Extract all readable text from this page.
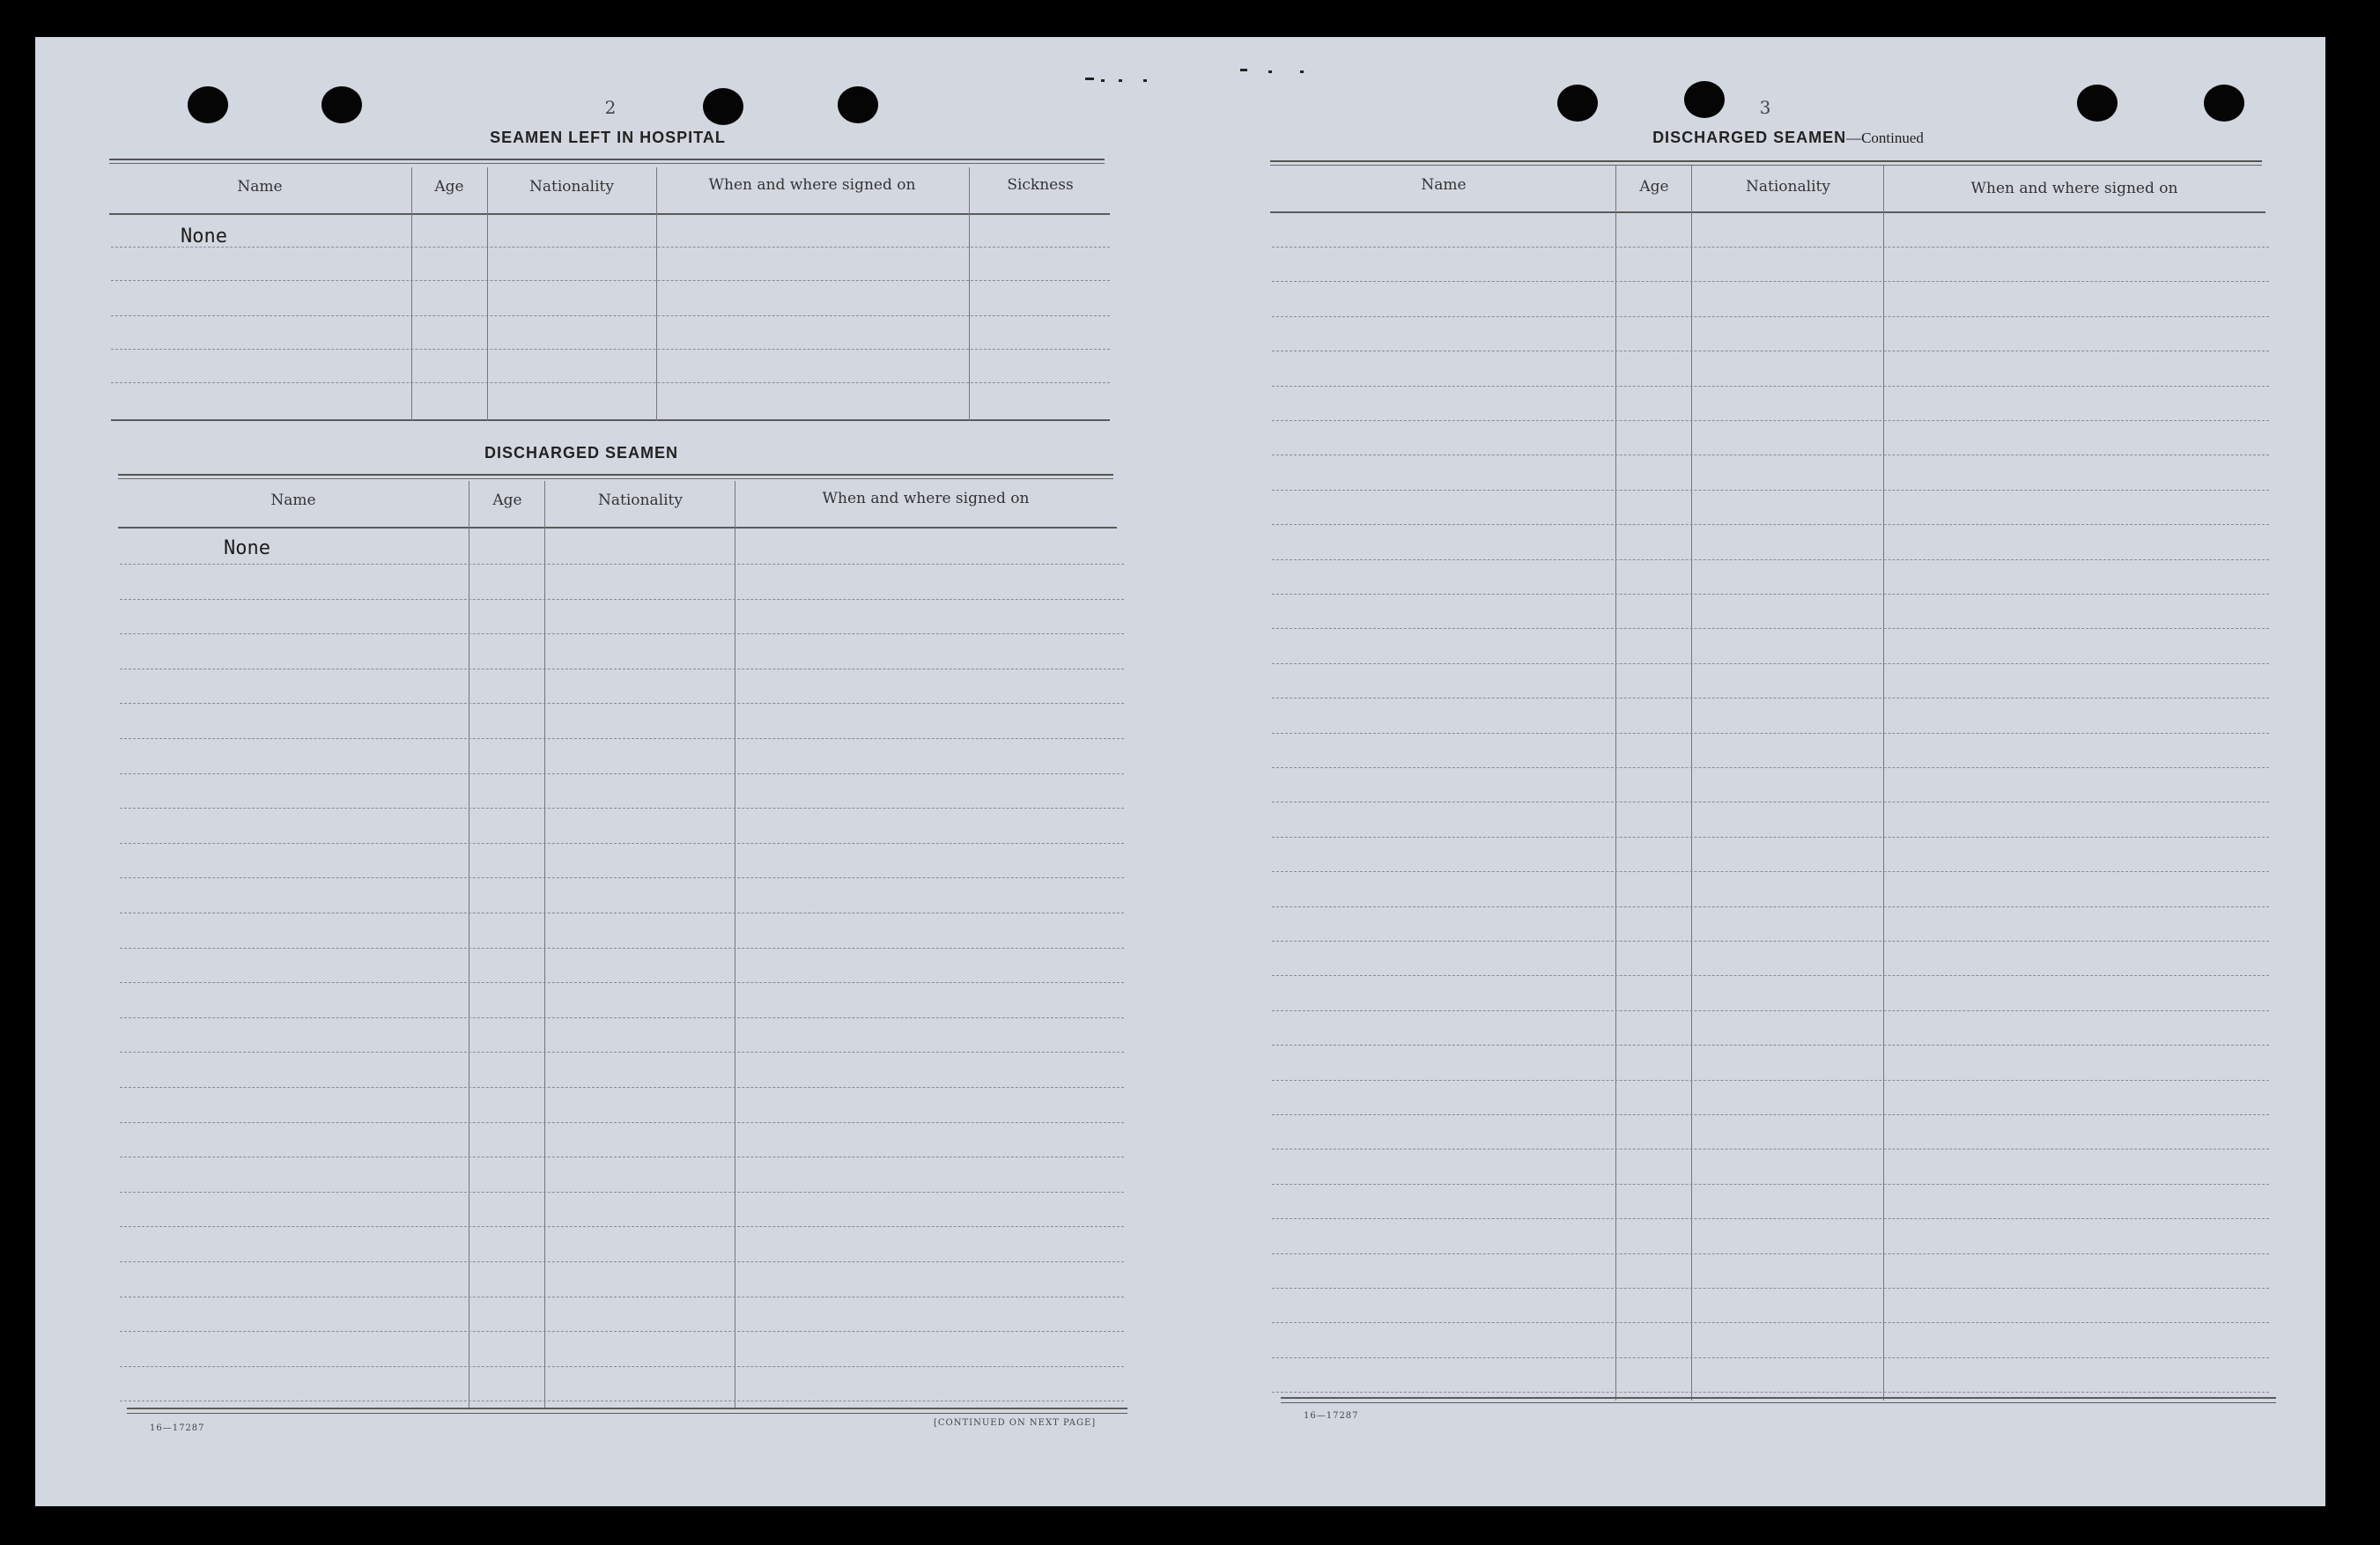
2
SEAMEN LEFT IN HOSPITAL
Name	Age	Nationality	When and where signed on	Sickness
None
DISCHARGED SEAMEN
Name	Age	Nationality	When and where signed on
None
16—17287
[CONTINUED ON NEXT PAGE]
3
DISCHARGED SEAMEN—Continued
Name	Age	Nationality	When and where signed on
16—17287
